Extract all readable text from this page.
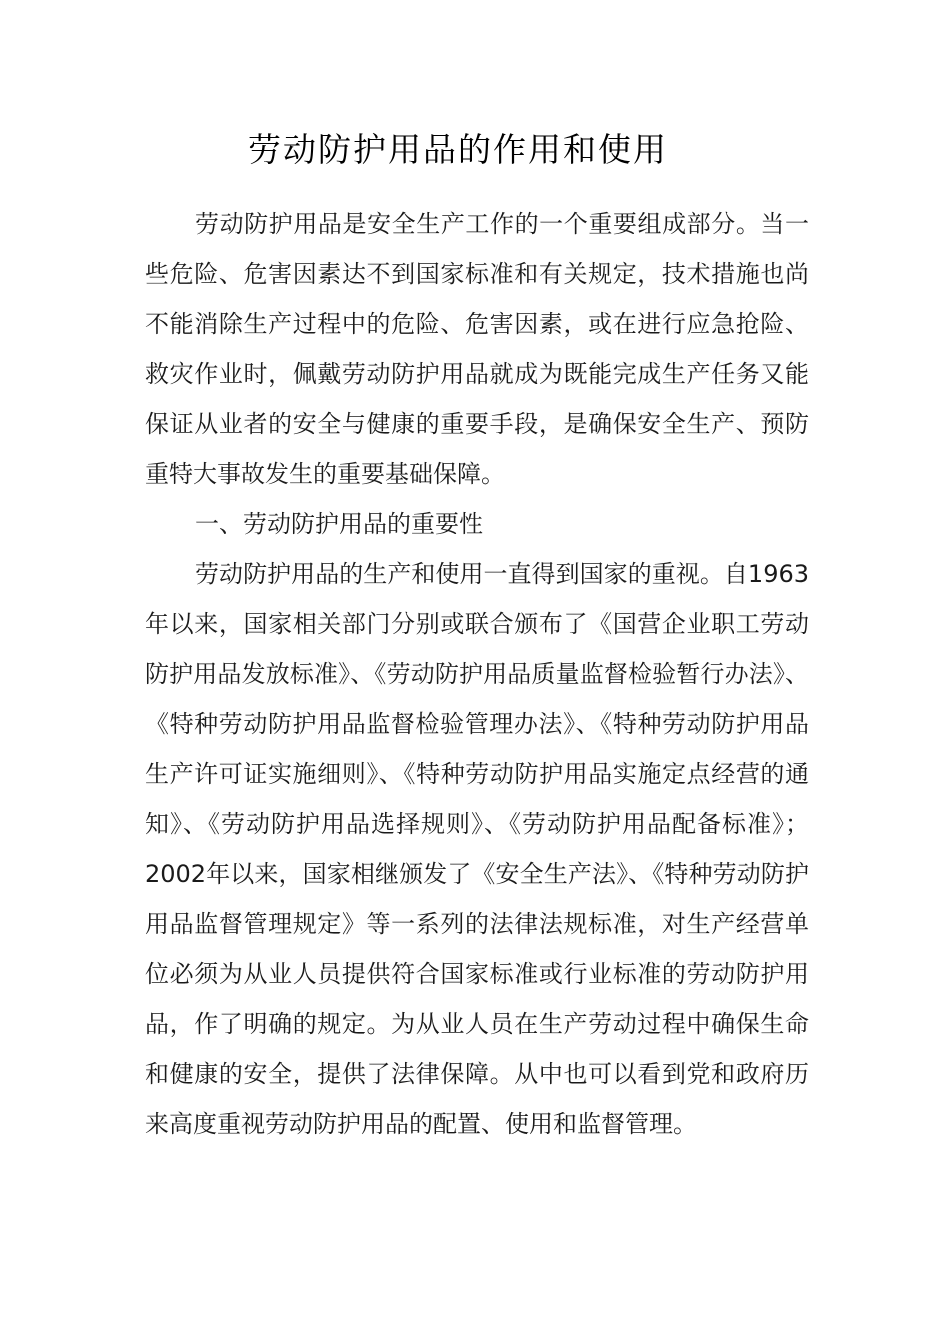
劳动防护用品的作用和使用

劳动防护用品是安全生产工作的一个重要组成部分。当一些危险、危害因素达不到国家标准和有关规定，技术措施也尚不能消除生产过程中的危险、危害因素，或在进行应急抢险、救灾作业时，佩戴劳动防护用品就成为既能完成生产任务又能保证从业者的安全与健康的重要手段，是确保安全生产、预防重特大事故发生的重要基础保障。

一、劳动防护用品的重要性

劳动防护用品的生产和使用一直得到国家的重视。自1963年以来，国家相关部门分别或联合颁布了《国营企业职工劳动防护用品发放标准》、《劳动防护用品质量监督检验暂行办法》、《特种劳动防护用品监督检验管理办法》、《特种劳动防护用品生产许可证实施细则》、《特种劳动防护用品实施定点经营的通知》、《劳动防护用品选择规则》、《劳动防护用品配备标准》；2002年以来，国家相继颁发了《安全生产法》、《特种劳动防护用品监督管理规定》等一系列的法律法规标准，对生产经营单位必须为从业人员提供符合国家标准或行业标准的劳动防护用品，作了明确的规定。为从业人员在生产劳动过程中确保生命和健康的安全，提供了法律保障。从中也可以看到党和政府历来高度重视劳动防护用品的配置、使用和监督管理。
